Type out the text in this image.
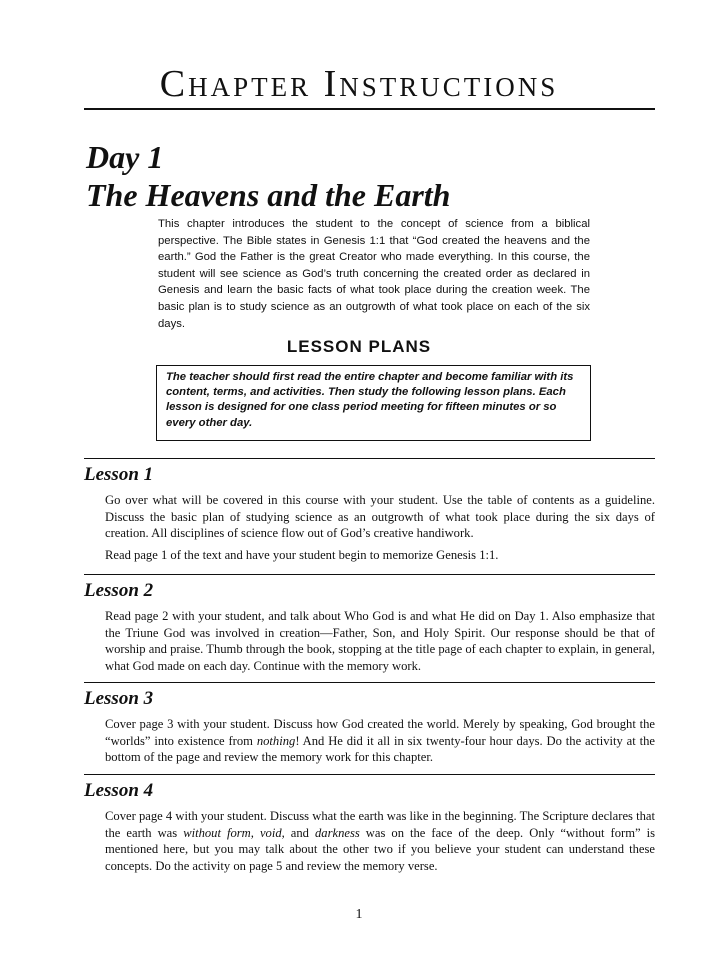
Chapter Instructions
Day 1
The Heavens and the Earth

This chapter introduces the student to the concept of science from a biblical perspective. The Bible states in Genesis 1:1 that “God created the heavens and the earth.” God the Father is the great Creator who made everything. In this course, the student will see science as God’s truth concerning the created order as declared in Genesis and learn the basic facts of what took place during the creation week. The basic plan is to study science as an outgrowth of what took place on each of the six days.

LESSON PLANS

The teacher should first read the entire chapter and become familiar with its content, terms, and activities. Then study the following lesson plans. Each lesson is designed for one class period meeting for fifteen minutes or so every other day.

Lesson 1

Go over what will be covered in this course with your student. Use the table of contents as a guideline. Discuss the basic plan of studying science as an outgrowth of what took place during the six days of creation. All disciplines of science flow out of God’s creative handiwork.

Read page 1 of the text and have your student begin to memorize Genesis 1:1.

Lesson 2

Read page 2 with your student, and talk about Who God is and what He did on Day 1. Also emphasize that the Triune God was involved in creation—Father, Son, and Holy Spirit. Our response should be that of worship and praise. Thumb through the book, stopping at the title page of each chapter to explain, in general, what God made on each day. Continue with the memory work.

Lesson 3

Cover page 3 with your student. Discuss how God created the world. Merely by speaking, God brought the “worlds” into existence from nothing! And He did it all in six twenty-four hour days. Do the activity at the bottom of the page and review the memory work for this chapter.

Lesson 4

Cover page 4 with your student. Discuss what the earth was like in the beginning. The Scripture declares that the earth was without form, void, and darkness was on the face of the deep. Only “without form” is mentioned here, but you may talk about the other two if you believe your student can understand these concepts. Do the activity on page 5 and review the memory verse.

1
